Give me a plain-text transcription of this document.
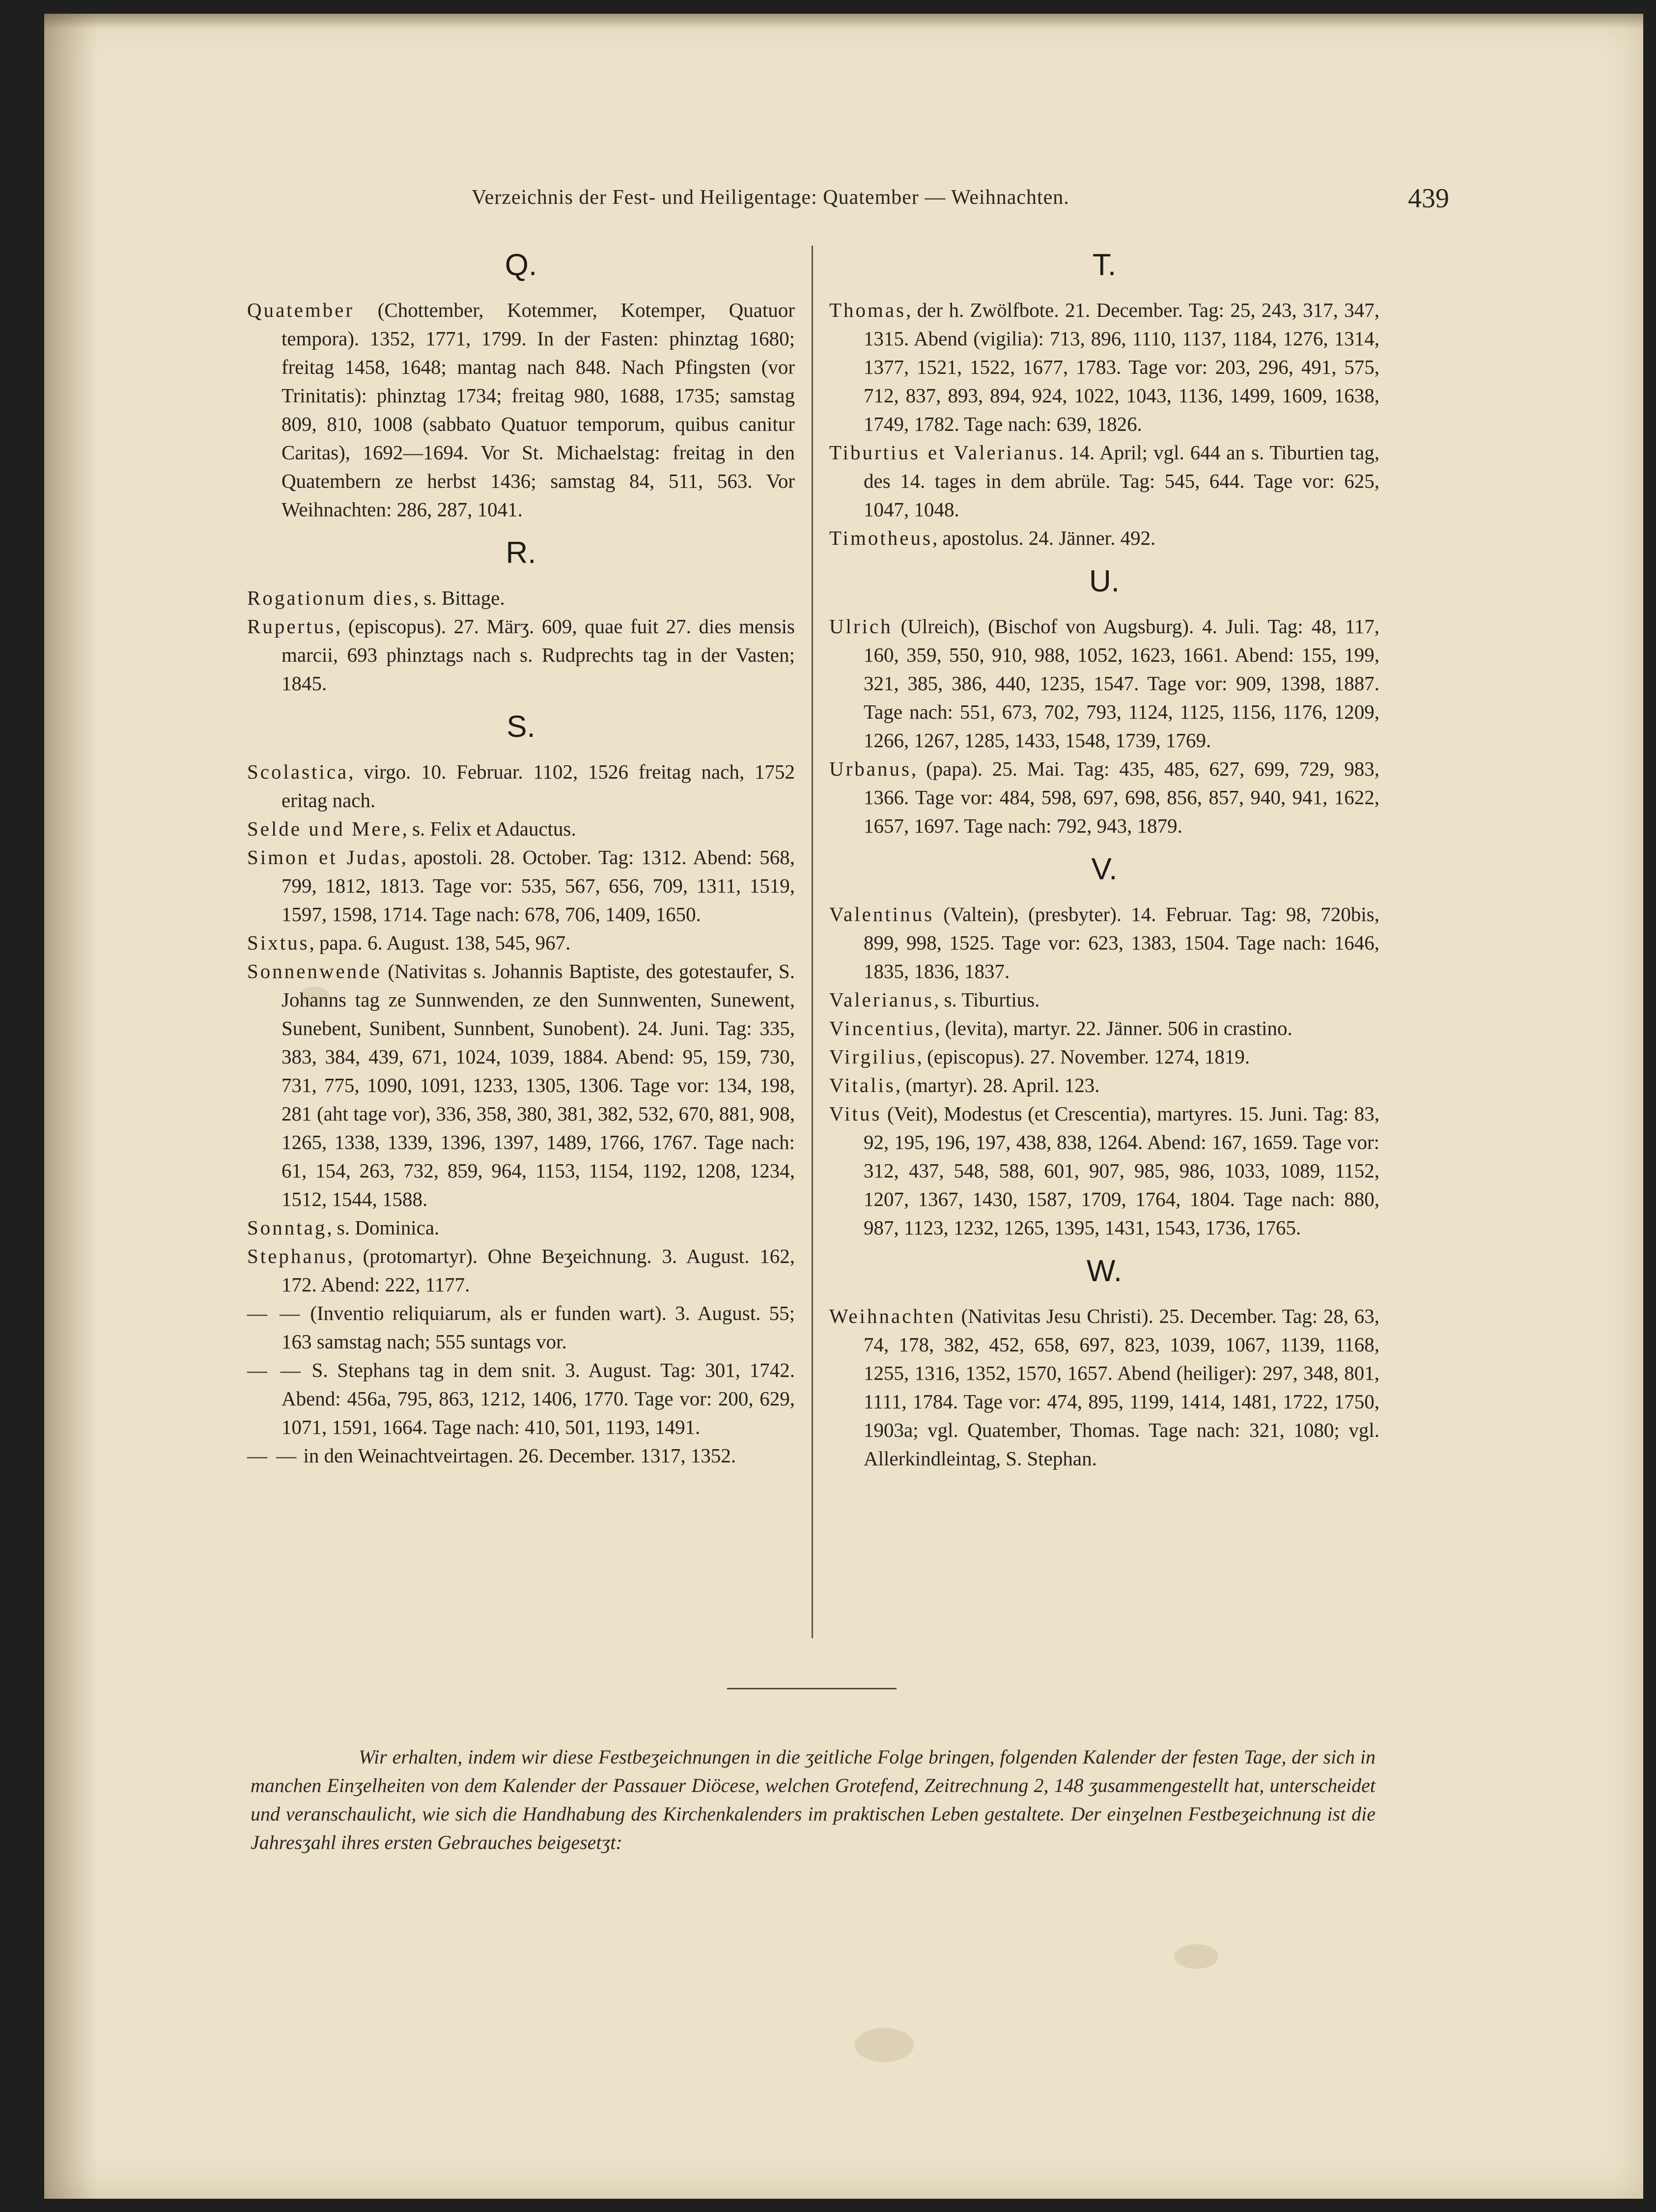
Verzeichnis der Fest- und Heiligentage: Quatember — Weihnachten.	439
Q.

Quatember (Chottember, Kotemmer, Kotemper, Quatuor tempora). 1352, 1771, 1799. In der Fasten: phinztag 1680; freitag 1458, 1648; mantag nach 848. Nach Pfingsten (vor Trinitatis): phinztag 1734; freitag 980, 1688, 1735; samstag 809, 810, 1008 (sabbato Quatuor temporum, quibus canitur Caritas), 1692—1694. Vor St. Michaelstag: freitag in den Quatembern ze herbst 1436; samstag 84, 511, 563. Vor Weihnachten: 286, 287, 1041.

R.

Rogationum dies, s. Bittage.

Rupertus, (episcopus). 27. Märʒ. 609, quae fuit 27. dies mensis marcii, 693 phinztags nach s. Rudprechts tag in der Vasten; 1845.

S.

Scolastica, virgo. 10. Februar. 1102, 1526 freitag nach, 1752 eritag nach.

Selde und Mere, s. Felix et Adauctus.

Simon et Judas, apostoli. 28. October. Tag: 1312. Abend: 568, 799, 1812, 1813. Tage vor: 535, 567, 656, 709, 1311, 1519, 1597, 1598, 1714. Tage nach: 678, 706, 1409, 1650.

Sixtus, papa. 6. August. 138, 545, 967.

Sonnenwende (Nativitas s. Johannis Baptiste, des gotestaufer, S. Johanns tag ze Sunnwenden, ze den Sunnwenten, Sunewent, Sunebent, Sunibent, Sunnbent, Sunobent). 24. Juni. Tag: 335, 383, 384, 439, 671, 1024, 1039, 1884. Abend: 95, 159, 730, 731, 775, 1090, 1091, 1233, 1305, 1306. Tage vor: 134, 198, 281 (aht tage vor), 336, 358, 380, 381, 382, 532, 670, 881, 908, 1265, 1338, 1339, 1396, 1397, 1489, 1766, 1767. Tage nach: 61, 154, 263, 732, 859, 964, 1153, 1154, 1192, 1208, 1234, 1512, 1544, 1588.

Sonntag, s. Dominica.

Stephanus, (protomartyr). Ohne Beʒeichnung. 3. August. 162, 172. Abend: 222, 1177.

— — (Inventio reliquiarum, als er funden wart). 3. August. 55; 163 samstag nach; 555 suntags vor.

— — S. Stephans tag in dem snit. 3. August. Tag: 301, 1742. Abend: 456a, 795, 863, 1212, 1406, 1770. Tage vor: 200, 629, 1071, 1591, 1664. Tage nach: 410, 501, 1193, 1491.

— — in den Weinachtveirtagen. 26. December. 1317, 1352.

T.

Thomas, der h. Zwölfbote. 21. December. Tag: 25, 243, 317, 347, 1315. Abend (vigilia): 713, 896, 1110, 1137, 1184, 1276, 1314, 1377, 1521, 1522, 1677, 1783. Tage vor: 203, 296, 491, 575, 712, 837, 893, 894, 924, 1022, 1043, 1136, 1499, 1609, 1638, 1749, 1782. Tage nach: 639, 1826.

Tiburtius et Valerianus. 14. April; vgl. 644 an s. Tiburtien tag, des 14. tages in dem abrüle. Tag: 545, 644. Tage vor: 625, 1047, 1048.

Timotheus, apostolus. 24. Jänner. 492.

U.

Ulrich (Ulreich), (Bischof von Augsburg). 4. Juli. Tag: 48, 117, 160, 359, 550, 910, 988, 1052, 1623, 1661. Abend: 155, 199, 321, 385, 386, 440, 1235, 1547. Tage vor: 909, 1398, 1887. Tage nach: 551, 673, 702, 793, 1124, 1125, 1156, 1176, 1209, 1266, 1267, 1285, 1433, 1548, 1739, 1769.

Urbanus, (papa). 25. Mai. Tag: 435, 485, 627, 699, 729, 983, 1366. Tage vor: 484, 598, 697, 698, 856, 857, 940, 941, 1622, 1657, 1697. Tage nach: 792, 943, 1879.

V.

Valentinus (Valtein), (presbyter). 14. Februar. Tag: 98, 720bis, 899, 998, 1525. Tage vor: 623, 1383, 1504. Tage nach: 1646, 1835, 1836, 1837.

Valerianus, s. Tiburtius.

Vincentius, (levita), martyr. 22. Jänner. 506 in crastino.

Virgilius, (episcopus). 27. November. 1274, 1819.

Vitalis, (martyr). 28. April. 123.

Vitus (Veit), Modestus (et Crescentia), martyres. 15. Juni. Tag: 83, 92, 195, 196, 197, 438, 838, 1264. Abend: 167, 1659. Tage vor: 312, 437, 548, 588, 601, 907, 985, 986, 1033, 1089, 1152, 1207, 1367, 1430, 1587, 1709, 1764, 1804. Tage nach: 880, 987, 1123, 1232, 1265, 1395, 1431, 1543, 1736, 1765.

W.

Weihnachten (Nativitas Jesu Christi). 25. December. Tag: 28, 63, 74, 178, 382, 452, 658, 697, 823, 1039, 1067, 1139, 1168, 1255, 1316, 1352, 1570, 1657. Abend (heiliger): 297, 348, 801, 1111, 1784. Tage vor: 474, 895, 1199, 1414, 1481, 1722, 1750, 1903a; vgl. Quatember, Thomas. Tage nach: 321, 1080; vgl. Allerkindleintag, S. Stephan.

Wir erhalten, indem wir diese Festbeʒeichnungen in die ʒeitliche Folge bringen, folgenden Kalender der festen Tage, der sich in manchen Einʒelheiten von dem Kalender der Passauer Diöcese, welchen Grotefend, Zeitrechnung 2, 148 ʒusammengestellt hat, unterscheidet und veranschaulicht, wie sich die Handhabung des Kirchenkalenders im praktischen Leben gestaltete. Der einʒelnen Festbeʒeichnung ist die Jahresʒahl ihres ersten Gebrauches beigesetʒt:
